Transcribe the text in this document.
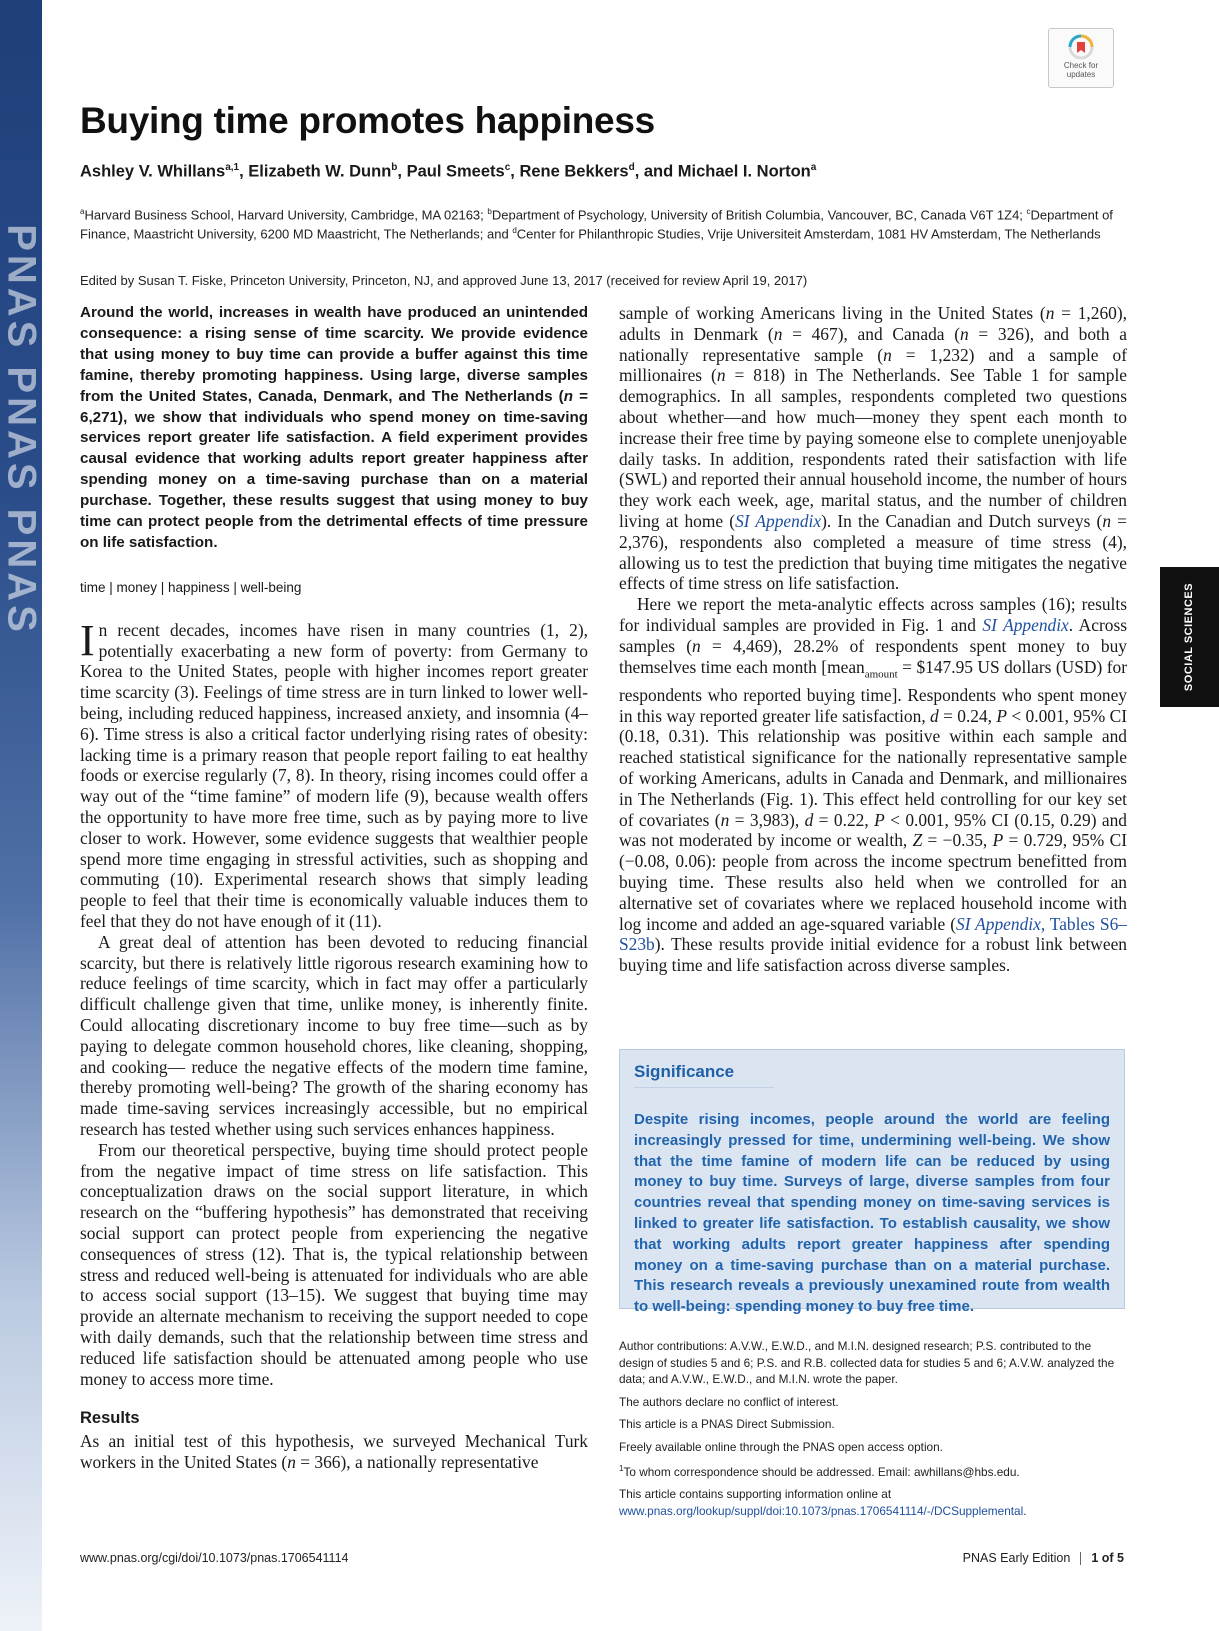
PNAS PNAS PNAS
Check for updates
Buying time promotes happiness
Ashley V. Whillans$^{a,1}$, Elizabeth W. Dunn$^b$, Paul Smeets$^c$, Rene Bekkers$^d$, and Michael I. Norton$^a$
$^a$Harvard Business School, Harvard University, Cambridge, MA 02163; $^b$Department of Psychology, University of British Columbia, Vancouver, BC, Canada V6T 1Z4; $^c$Department of Finance, Maastricht University, 6200 MD Maastricht, The Netherlands; and $^d$Center for Philanthropic Studies, Vrije Universiteit Amsterdam, 1081 HV Amsterdam, The Netherlands
Edited by Susan T. Fiske, Princeton University, Princeton, NJ, and approved June 13, 2017 (received for review April 19, 2017)

Around the world, increases in wealth have produced an unintended consequence: a rising sense of time scarcity. We provide evidence that using money to buy time can provide a buffer against this time famine, thereby promoting happiness. Using large, diverse samples from the United States, Canada, Denmark, and The Netherlands (n = 6,271), we show that individuals who spend money on time-saving services report greater life satisfaction. A field experiment provides causal evidence that working adults report greater happiness after spending money on a time-saving purchase than on a material purchase. Together, these results suggest that using money to buy time can protect people from the detrimental effects of time pressure on life satisfaction.

time | money | happiness | well-being

In recent decades, incomes have risen in many countries (1, 2), potentially exacerbating a new form of poverty: from Germany to Korea to the United States, people with higher incomes report greater time scarcity (3). Feelings of time stress are in turn linked to lower well-being, including reduced happiness, increased anxiety, and insomnia (4–6). Time stress is also a critical factor underlying rising rates of obesity: lacking time is a primary reason that people report failing to eat healthy foods or exercise regularly (7, 8). In theory, rising incomes could offer a way out of the “time famine” of modern life (9), because wealth offers the opportunity to have more free time, such as by paying more to live closer to work. However, some evidence suggests that wealthier people spend more time engaging in stressful activities, such as shopping and commuting (10). Experimental research shows that simply leading people to feel that their time is economically valuable induces them to feel that they do not have enough of it (11).

A great deal of attention has been devoted to reducing financial scarcity, but there is relatively little rigorous research examining how to reduce feelings of time scarcity, which in fact may offer a particularly difficult challenge given that time, unlike money, is inherently finite. Could allocating discretionary income to buy free time—such as by paying to delegate common household chores, like cleaning, shopping, and cooking— reduce the negative effects of the modern time famine, thereby promoting well-being? The growth of the sharing economy has made time-saving services increasingly accessible, but no empirical research has tested whether using such services enhances happiness.

From our theoretical perspective, buying time should protect people from the negative impact of time stress on life satisfaction. This conceptualization draws on the social support literature, in which research on the “buffering hypothesis” has demonstrated that receiving social support can protect people from experiencing the negative consequences of stress (12). That is, the typical relationship between stress and reduced well-being is attenuated for individuals who are able to access social support (13–15). We suggest that buying time may provide an alternate mechanism to receiving the support needed to cope with daily demands, such that the relationship between time stress and reduced life satisfaction should be attenuated among people who use money to access more time.

Results

As an initial test of this hypothesis, we surveyed Mechanical Turk workers in the United States (n = 366), a nationally representative

sample of working Americans living in the United States (n = 1,260), adults in Denmark (n = 467), and Canada (n = 326), and both a nationally representative sample (n = 1,232) and a sample of millionaires (n = 818) in The Netherlands. See Table 1 for sample demographics. In all samples, respondents completed two questions about whether—and how much—money they spent each month to increase their free time by paying someone else to complete unenjoyable daily tasks. In addition, respondents rated their satisfaction with life (SWL) and reported their annual household income, the number of hours they work each week, age, marital status, and the number of children living at home (SI Appendix). In the Canadian and Dutch surveys (n = 2,376), respondents also completed a measure of time stress (4), allowing us to test the prediction that buying time mitigates the negative effects of time stress on life satisfaction.

Here we report the meta-analytic effects across samples (16); results for individual samples are provided in Fig. 1 and SI Appendix. Across samples (n = 4,469), 28.2% of respondents spent money to buy themselves time each month [mean$_{amount}$ = $147.95 US dollars (USD) for respondents who reported buying time]. Respondents who spent money in this way reported greater life satisfaction, d = 0.24, P < 0.001, 95% CI (0.18, 0.31). This relationship was positive within each sample and reached statistical significance for the nationally representative sample of working Americans, adults in Canada and Denmark, and millionaires in The Netherlands (Fig. 1). This effect held controlling for our key set of covariates (n = 3,983), d = 0.22, P < 0.001, 95% CI (0.15, 0.29) and was not moderated by income or wealth, Z = −0.35, P = 0.729, 95% CI (−0.08, 0.06): people from across the income spectrum benefitted from buying time. These results also held when we controlled for an alternative set of covariates where we replaced household income with log income and added an age-squared variable (SI Appendix, Tables S6–S23b). These results provide initial evidence for a robust link between buying time and life satisfaction across diverse samples.

Significance

Despite rising incomes, people around the world are feeling increasingly pressed for time, undermining well-being. We show that the time famine of modern life can be reduced by using money to buy time. Surveys of large, diverse samples from four countries reveal that spending money on time-saving services is linked to greater life satisfaction. To establish causality, we show that working adults report greater happiness after spending money on a time-saving purchase than on a material purchase. This research reveals a previously unexamined route from wealth to well-being: spending money to buy free time.

Author contributions: A.V.W., E.W.D., and M.I.N. designed research; P.S. contributed to the design of studies 5 and 6; P.S. and R.B. collected data for studies 5 and 6; A.V.W. analyzed the data; and A.V.W., E.W.D., and M.I.N. wrote the paper.

The authors declare no conflict of interest.

This article is a PNAS Direct Submission.

Freely available online through the PNAS open access option.

$^1$To whom correspondence should be addressed. Email: awhillans@hbs.edu.

This article contains supporting information online at www.pnas.org/lookup/suppl/doi:10.1073/pnas.1706541114/-/DCSupplemental.

SOCIAL SCIENCES
www.pnas.org/cgi/doi/10.1073/pnas.1706541114	PNAS Early Edition 1 of 5
